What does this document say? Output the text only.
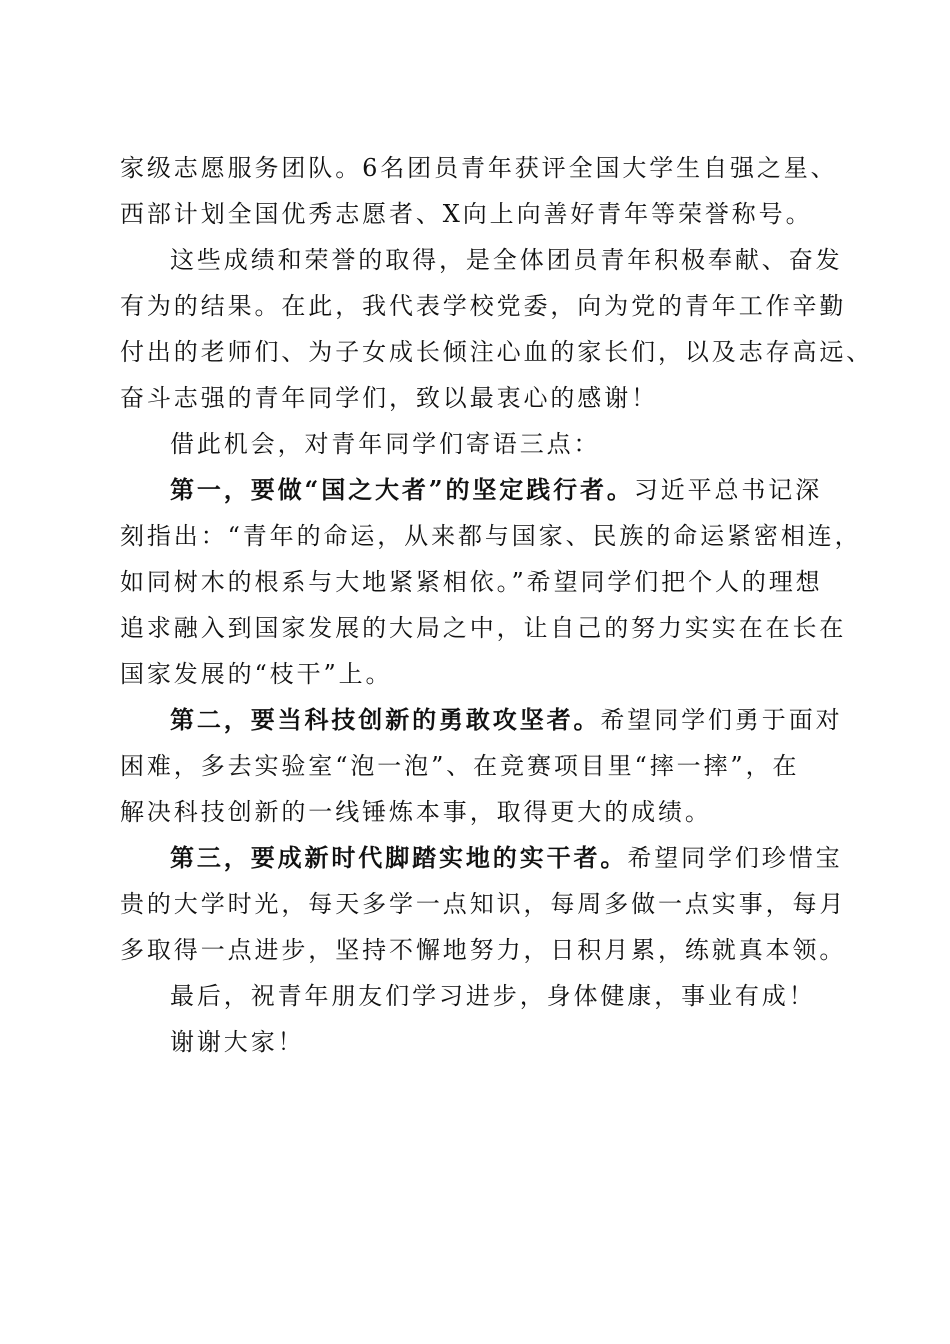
家级志愿服务团队。6名团员青年获评全国大学生自强之星、
西部计划全国优秀志愿者、X向上向善好青年等荣誉称号。
这些成绩和荣誉的取得，是全体团员青年积极奉献、奋发
有为的结果。在此，我代表学校党委，向为党的青年工作辛勤
付出的老师们、为子女成长倾注心血的家长们，以及志存高远、
奋斗志强的青年同学们，致以最衷心的感谢！
借此机会，对青年同学们寄语三点：
第一，要做“国之大者”的坚定践行者。习近平总书记深
刻指出：“青年的命运，从来都与国家、民族的命运紧密相连，
如同树木的根系与大地紧紧相依。”希望同学们把个人的理想
追求融入到国家发展的大局之中，让自己的努力实实在在长在
国家发展的“枝干”上。
第二，要当科技创新的勇敢攻坚者。希望同学们勇于面对
困难，多去实验室“泡一泡”、在竞赛项目里“摔一摔”，在
解决科技创新的一线锤炼本事，取得更大的成绩。
第三，要成新时代脚踏实地的实干者。希望同学们珍惜宝
贵的大学时光，每天多学一点知识，每周多做一点实事，每月
多取得一点进步，坚持不懈地努力，日积月累，练就真本领。
最后，祝青年朋友们学习进步，身体健康，事业有成！
谢谢大家！
